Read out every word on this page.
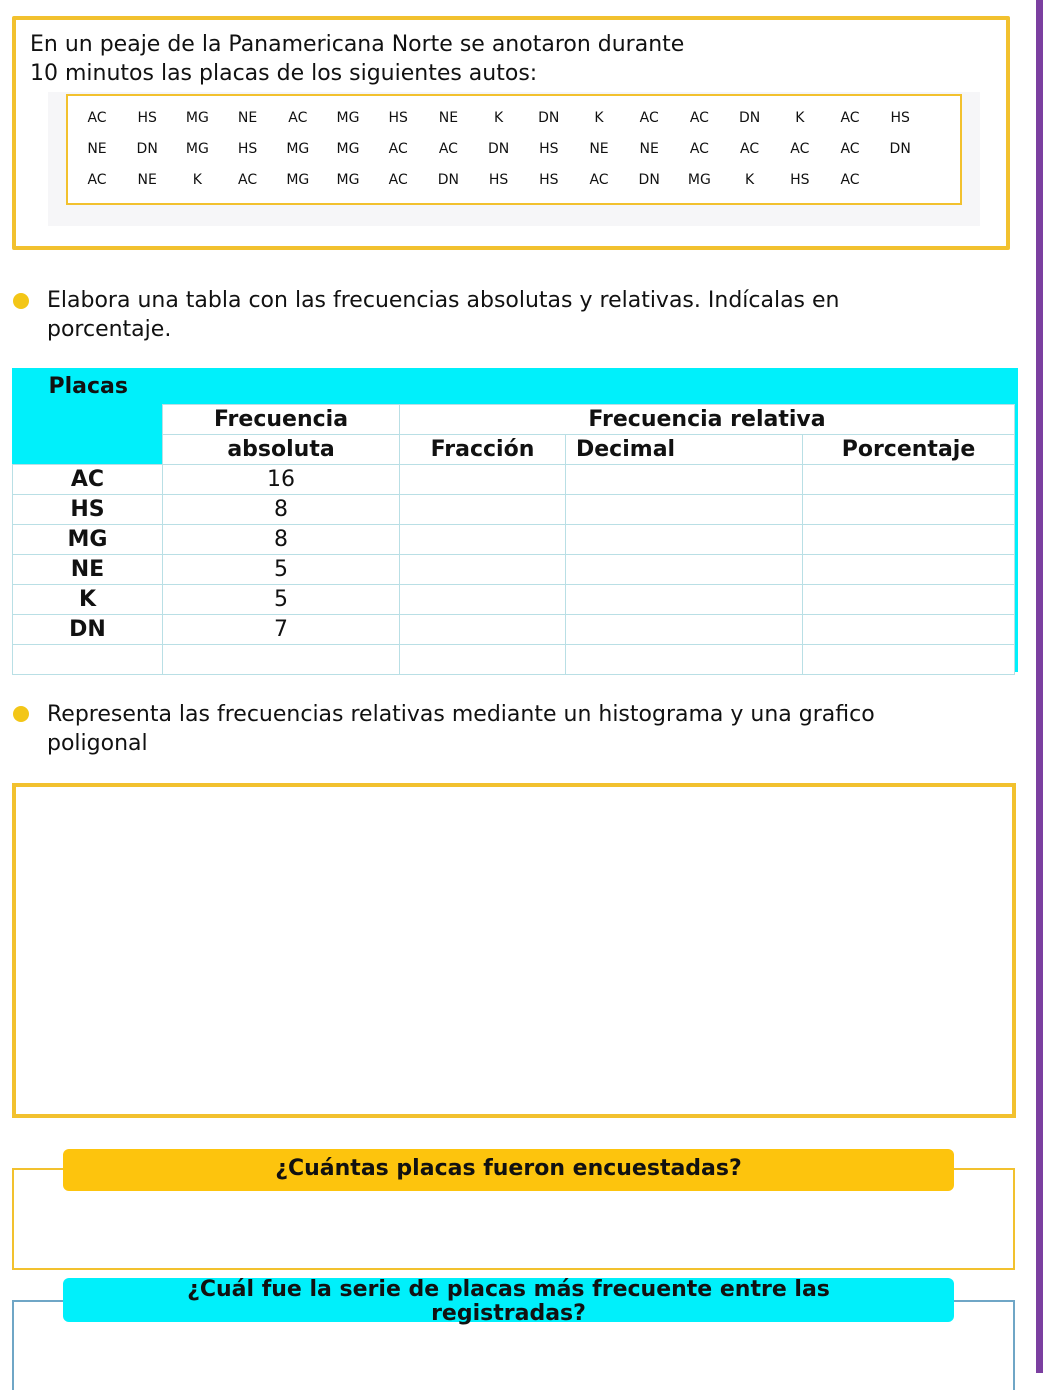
En un peaje de la Panamericana Norte se anotaron durante
10 minutos las placas de los siguientes autos:
AC	HS	MG	NE	AC	MG	HS	NE	K	DN	K	AC	AC	DN	K	AC	HS
NE	DN	MG	HS	MG	MG	AC	AC	DN	HS	NE	NE	AC	AC	AC	AC	DN
AC	NE	K	AC	MG	MG	AC	DN	HS	HS	AC	DN	MG	K	HS	AC
Elabora una tabla con las frecuencias absolutas y relativas. Indícalas en
porcentaje.
Placas				
	Frecuencia	Frecuencia relativa		
	absoluta	Fracción	Decimal	Porcentaje
AC	16			
HS	8			
MG	8			
NE	5			
K	5			
DN	7			

Representa las frecuencias relativas mediante un histograma y una grafico
poligonal
¿Cuántas placas fueron encuestadas?
¿Cuál fue la serie de placas más frecuente entre las
registradas?
